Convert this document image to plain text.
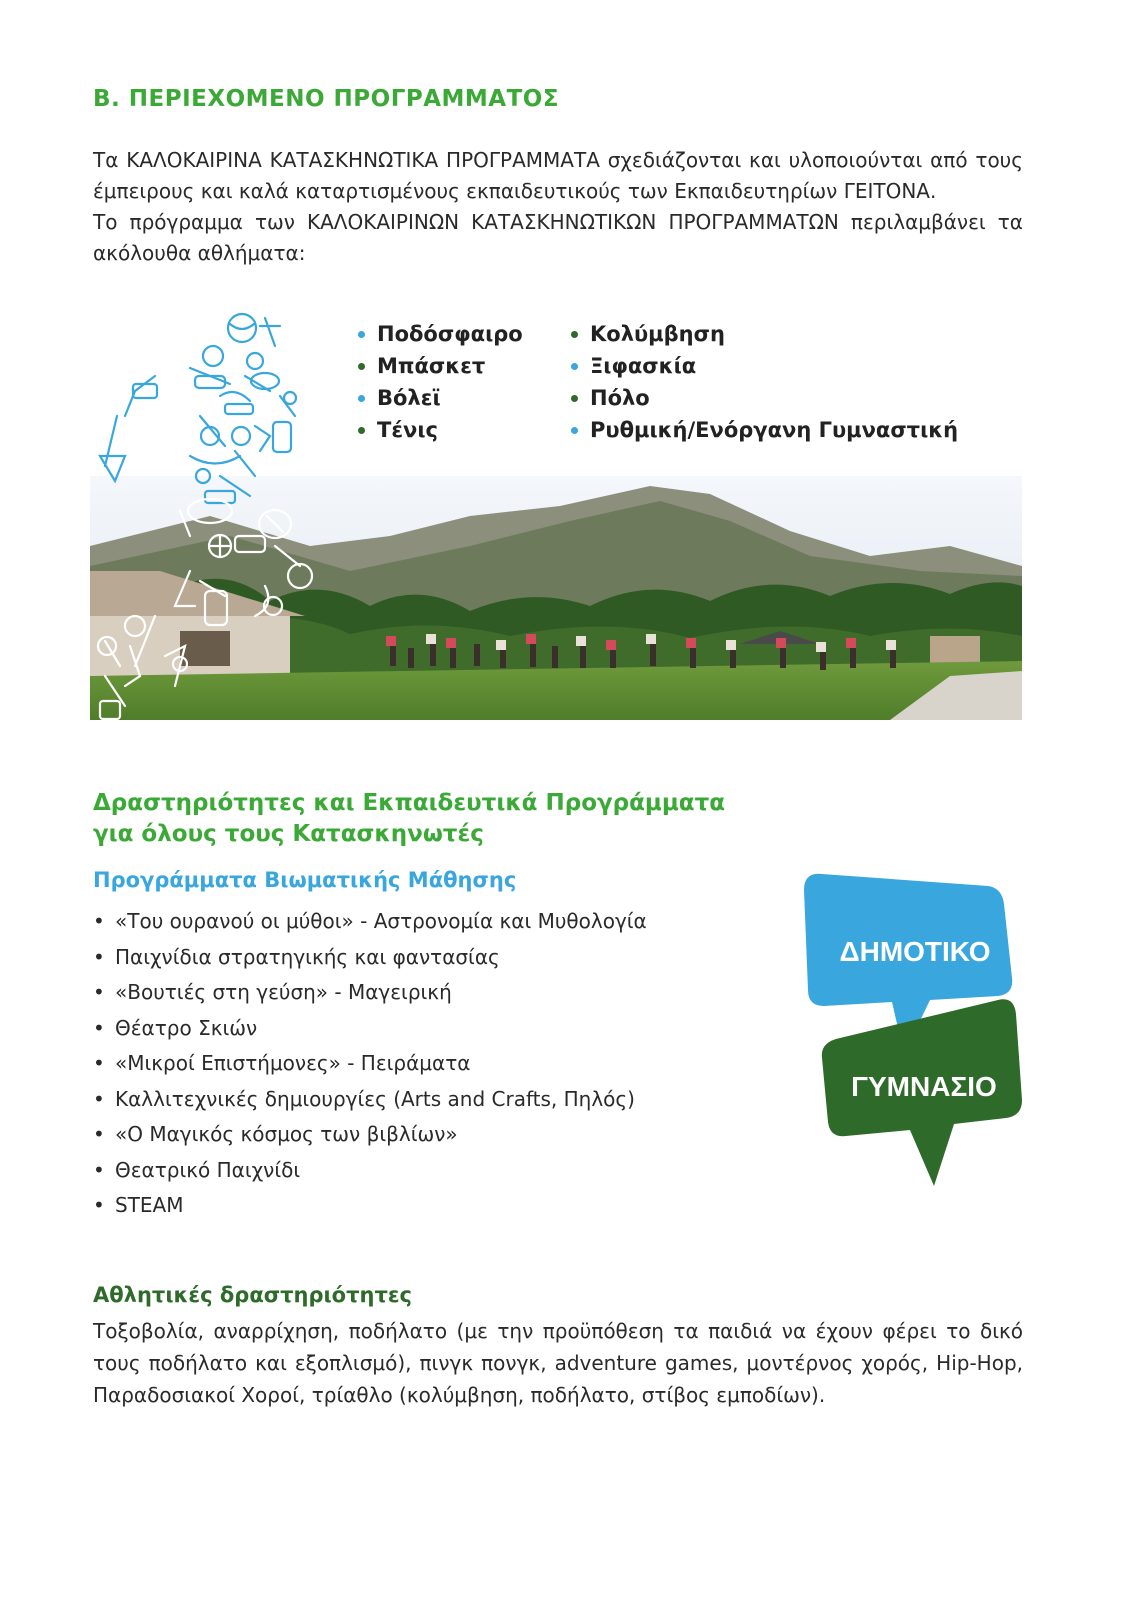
Β. ΠΕΡΙΕΧΟΜΕΝΟ ΠΡΟΓΡΑΜΜΑΤΟΣ

Τα ΚΑΛΟΚΑΙΡΙΝΑ ΚΑΤΑΣΚΗΝΩΤΙΚΑ ΠΡΟΓΡΑΜΜΑΤΑ σχεδιάζονται και υλοποιούνται από τους έμπειρους και καλά καταρτισμένους εκπαιδευτικούς των Εκπαιδευτηρίων ΓΕΙΤΟΝΑ.

Το πρόγραμμα των ΚΑΛΟΚΑΙΡΙΝΩΝ ΚΑΤΑΣΚΗΝΩΤΙΚΩΝ ΠΡΟΓΡΑΜΜΑΤΩΝ περιλαμβάνει τα ακόλουθα αθλήματα:

Ποδόσφαιρο
Μπάσκετ
Βόλεϊ
Τένις
Κολύμβηση
Ξιφασκία
Πόλο
Ρυθμική/Ενόργανη Γυμναστική
Δραστηριότητες και Εκπαιδευτικά Προγράμματα
για όλους τους Κατασκηνωτές
Προγράμματα Βιωματικής Μάθησης
• «Του ουρανού οι μύθοι» - Αστρονομία και Μυθολογία
• Παιχνίδια στρατηγικής και φαντασίας
• «Βουτιές στη γεύση» - Μαγειρική
• Θέατρο Σκιών
• «Μικροί Επιστήμονες» - Πειράματα
• Καλλιτεχνικές δημιουργίες (Arts and Crafts, Πηλός)
• «Ο Μαγικός κόσμος των βιβλίων»
• Θεατρικό Παιχνίδι
• STEAM
ΔΗΜΟΤΙΚΟ
ΓΥΜΝΑΣΙΟ
Αθλητικές δραστηριότητες

Τοξοβολία, αναρρίχηση, ποδήλατο (με την προϋπόθεση τα παιδιά να έχουν φέρει το δικό τους ποδήλατο και εξοπλισμό), πινγκ πονγκ, adventure games, μοντέρνος χορός, Hip-Hop, Παραδοσιακοί Χοροί, τρίαθλο (κολύμβηση, ποδήλατο, στίβος εμποδίων).
